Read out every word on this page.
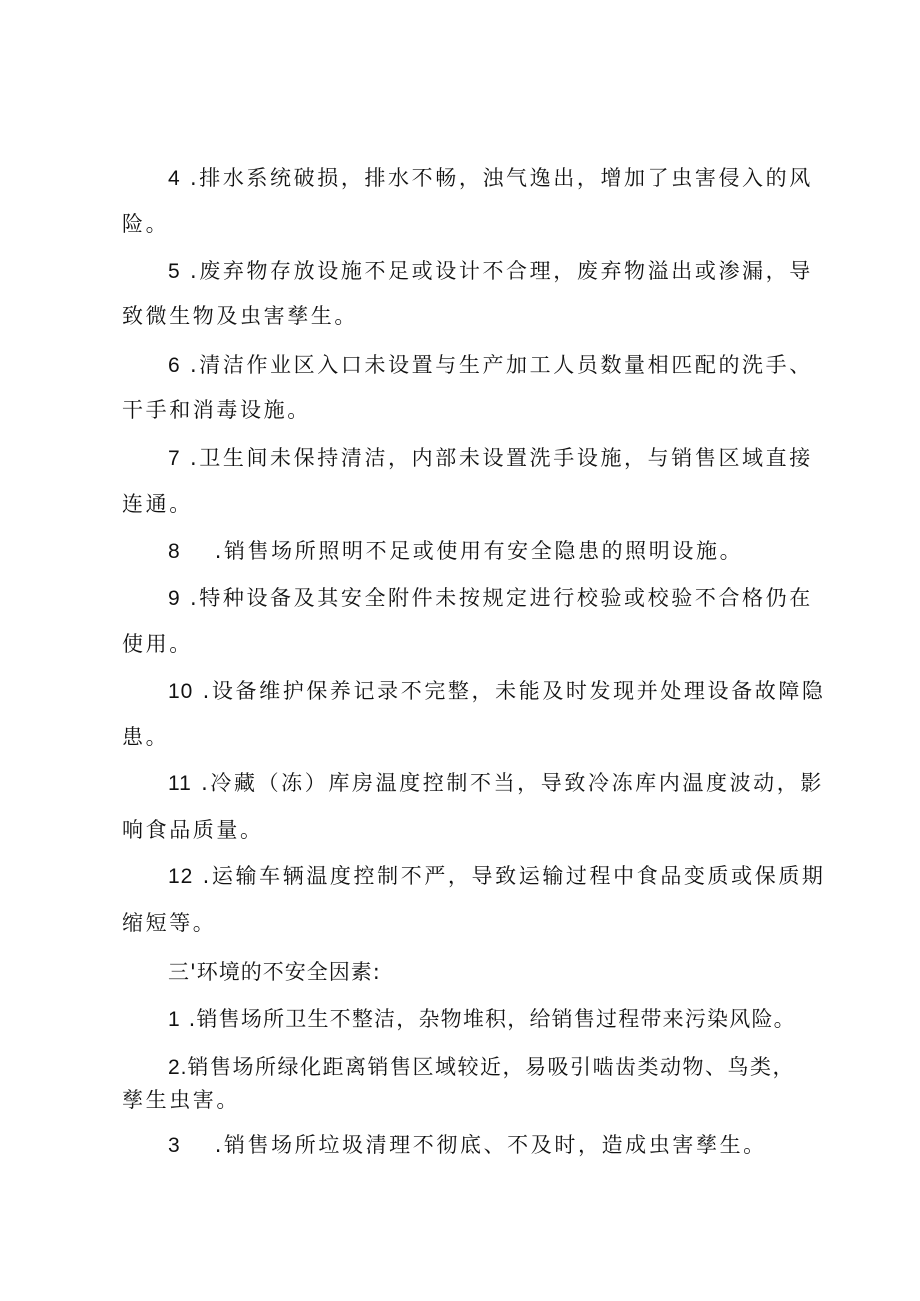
4 .排水系统破损，排水不畅，浊气逸出，增加了虫害侵入的风

险。

5 .废弃物存放设施不足或设计不合理，废弃物溢出或渗漏，导

致微生物及虫害孳生。

6 .清洁作业区入口未设置与生产加工人员数量相匹配的洗手、

干手和消毒设施。

7 .卫生间未保持清洁，内部未设置洗手设施，与销售区域直接

连通。

8 .销售场所照明不足或使用有安全隐患的照明设施。

9 .特种设备及其安全附件未按规定进行校验或校验不合格仍在

使用。

10 .设备维护保养记录不完整，未能及时发现并处理设备故障隐

患。

11 .冷藏（冻）库房温度控制不当，导致冷冻库内温度波动，影

响食品质量。

12 .运输车辆温度控制不严，导致运输过程中食品变质或保质期

缩短等。

三'环境的不安全因素:

1 .销售场所卫生不整洁，杂物堆积，给销售过程带来污染风险。

2.销售场所绿化距离销售区域较近，易吸引啮齿类动物、鸟类，

孳生虫害。

3 .销售场所垃圾清理不彻底、不及时，造成虫害孳生。
